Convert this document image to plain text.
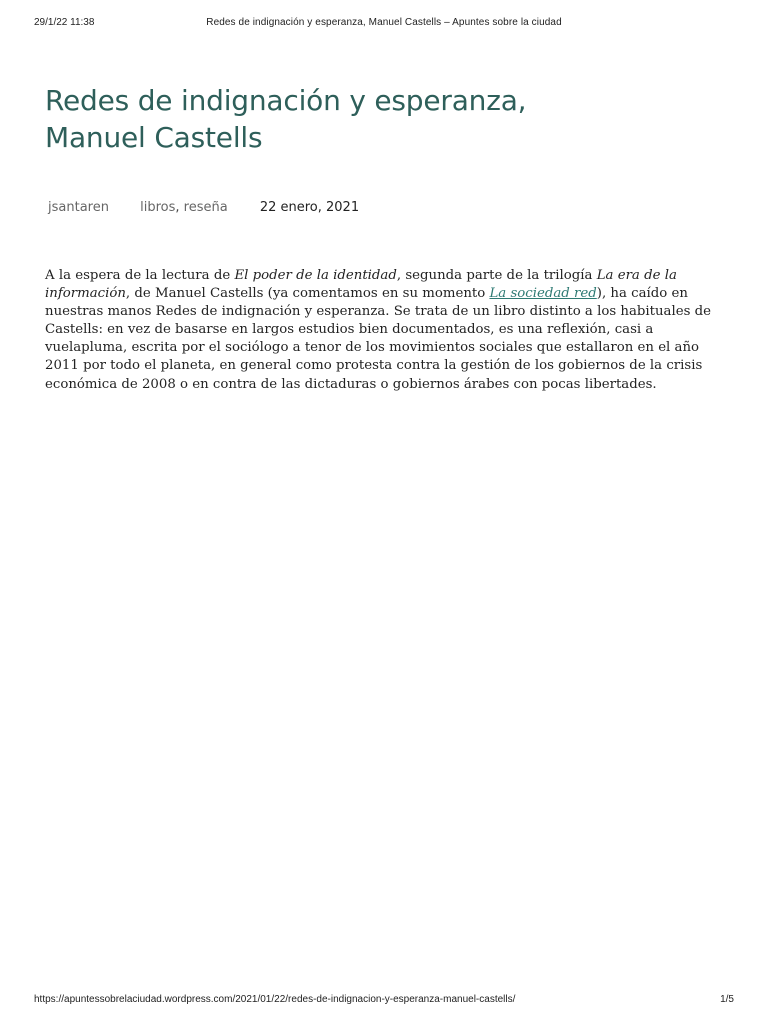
29/1/22 11:38	Redes de indignación y esperanza, Manuel Castells – Apuntes sobre la ciudad
Redes de indignación y esperanza,
Manuel Castells
jsantaren libros, reseña 22 enero, 2021

A la espera de la lectura de El poder de la identidad, segunda parte de la trilogía La era de la información, de Manuel Castells (ya comentamos en su momento La sociedad red), ha caído en nuestras manos Redes de indignación y esperanza. Se trata de un libro distinto a los habituales de Castells: en vez de basarse en largos estudios bien documentados, es una reflexión, casi a vuelapluma, escrita por el sociólogo a tenor de los movimientos sociales que estallaron en el año 2011 por todo el planeta, en general como protesta contra la gestión de los gobiernos de la crisis económica de 2008 o en contra de las dictaduras o gobiernos árabes con pocas libertades.

https://apuntessobrelaciudad.wordpress.com/2021/01/22/redes-de-indignacion-y-esperanza-manuel-castells/	1/5
